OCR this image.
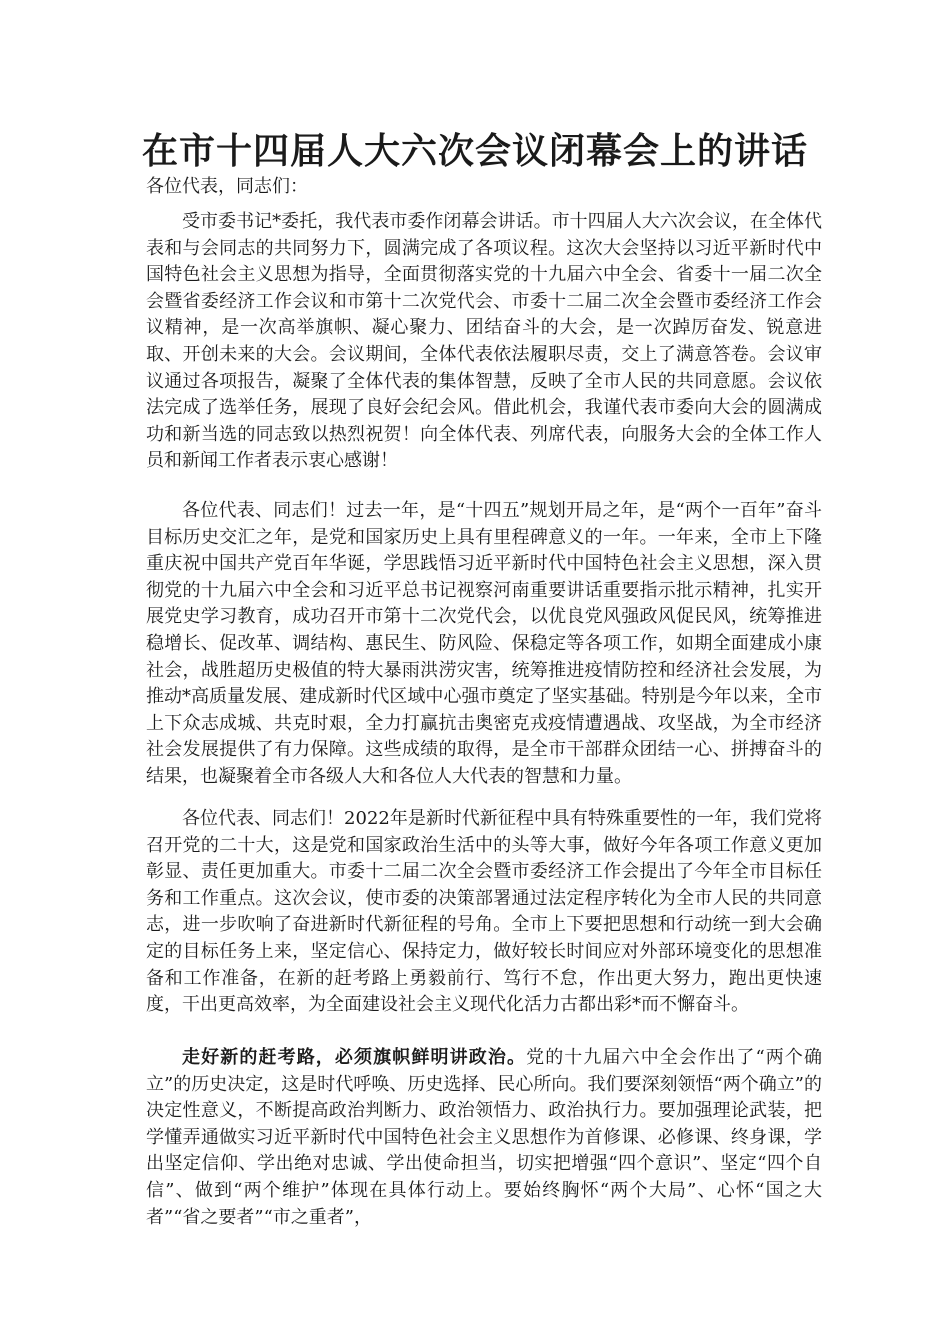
在市十四届人大六次会议闭幕会上的讲话

各位代表，同志们：

受市委书记*委托，我代表市委作闭幕会讲话。市十四届人大六次会议，在全体代表和与会同志的共同努力下，圆满完成了各项议程。这次大会坚持以习近平新时代中国特色社会主义思想为指导，全面贯彻落实党的十九届六中全会、省委十一届二次全会暨省委经济工作会议和市第十二次党代会、市委十二届二次全会暨市委经济工作会议精神，是一次高举旗帜、凝心聚力、团结奋斗的大会，是一次踔厉奋发、锐意进取、开创未来的大会。会议期间，全体代表依法履职尽责，交上了满意答卷。会议审议通过各项报告，凝聚了全体代表的集体智慧，反映了全市人民的共同意愿。会议依法完成了选举任务，展现了良好会纪会风。借此机会，我谨代表市委向大会的圆满成功和新当选的同志致以热烈祝贺！向全体代表、列席代表，向服务大会的全体工作人员和新闻工作者表示衷心感谢！

各位代表、同志们！过去一年，是“十四五”规划开局之年，是“两个一百年”奋斗目标历史交汇之年，是党和国家历史上具有里程碑意义的一年。一年来，全市上下隆重庆祝中国共产党百年华诞，学思践悟习近平新时代中国特色社会主义思想，深入贯彻党的十九届六中全会和习近平总书记视察河南重要讲话重要指示批示精神，扎实开展党史学习教育，成功召开市第十二次党代会，以优良党风强政风促民风，统筹推进稳增长、促改革、调结构、惠民生、防风险、保稳定等各项工作，如期全面建成小康社会，战胜超历史极值的特大暴雨洪涝灾害，统筹推进疫情防控和经济社会发展，为推动*高质量发展、建成新时代区域中心强市奠定了坚实基础。特别是今年以来，全市上下众志成城、共克时艰，全力打赢抗击奥密克戎疫情遭遇战、攻坚战，为全市经济社会发展提供了有力保障。这些成绩的取得，是全市干部群众团结一心、拼搏奋斗的结果，也凝聚着全市各级人大和各位人大代表的智慧和力量。

各位代表、同志们！2022年是新时代新征程中具有特殊重要性的一年，我们党将召开党的二十大，这是党和国家政治生活中的头等大事，做好今年各项工作意义更加彰显、责任更加重大。市委十二届二次全会暨市委经济工作会提出了今年全市目标任务和工作重点。这次会议，使市委的决策部署通过法定程序转化为全市人民的共同意志，进一步吹响了奋进新时代新征程的号角。全市上下要把思想和行动统一到大会确定的目标任务上来，坚定信心、保持定力，做好较长时间应对外部环境变化的思想准备和工作准备，在新的赶考路上勇毅前行、笃行不怠，作出更大努力，跑出更快速度，干出更高效率，为全面建设社会主义现代化活力古都出彩*而不懈奋斗。

走好新的赶考路，必须旗帜鲜明讲政治。党的十九届六中全会作出了“两个确立”的历史决定，这是时代呼唤、历史选择、民心所向。我们要深刻领悟“两个确立”的决定性意义，不断提高政治判断力、政治领悟力、政治执行力。要加强理论武装，把学懂弄通做实习近平新时代中国特色社会主义思想作为首修课、必修课、终身课，学出坚定信仰、学出绝对忠诚、学出使命担当，切实把增强“四个意识”、坚定“四个自信”、做到“两个维护”体现在具体行动上。要始终胸怀“两个大局”、心怀“国之大者”“省之要者”“市之重者”，
